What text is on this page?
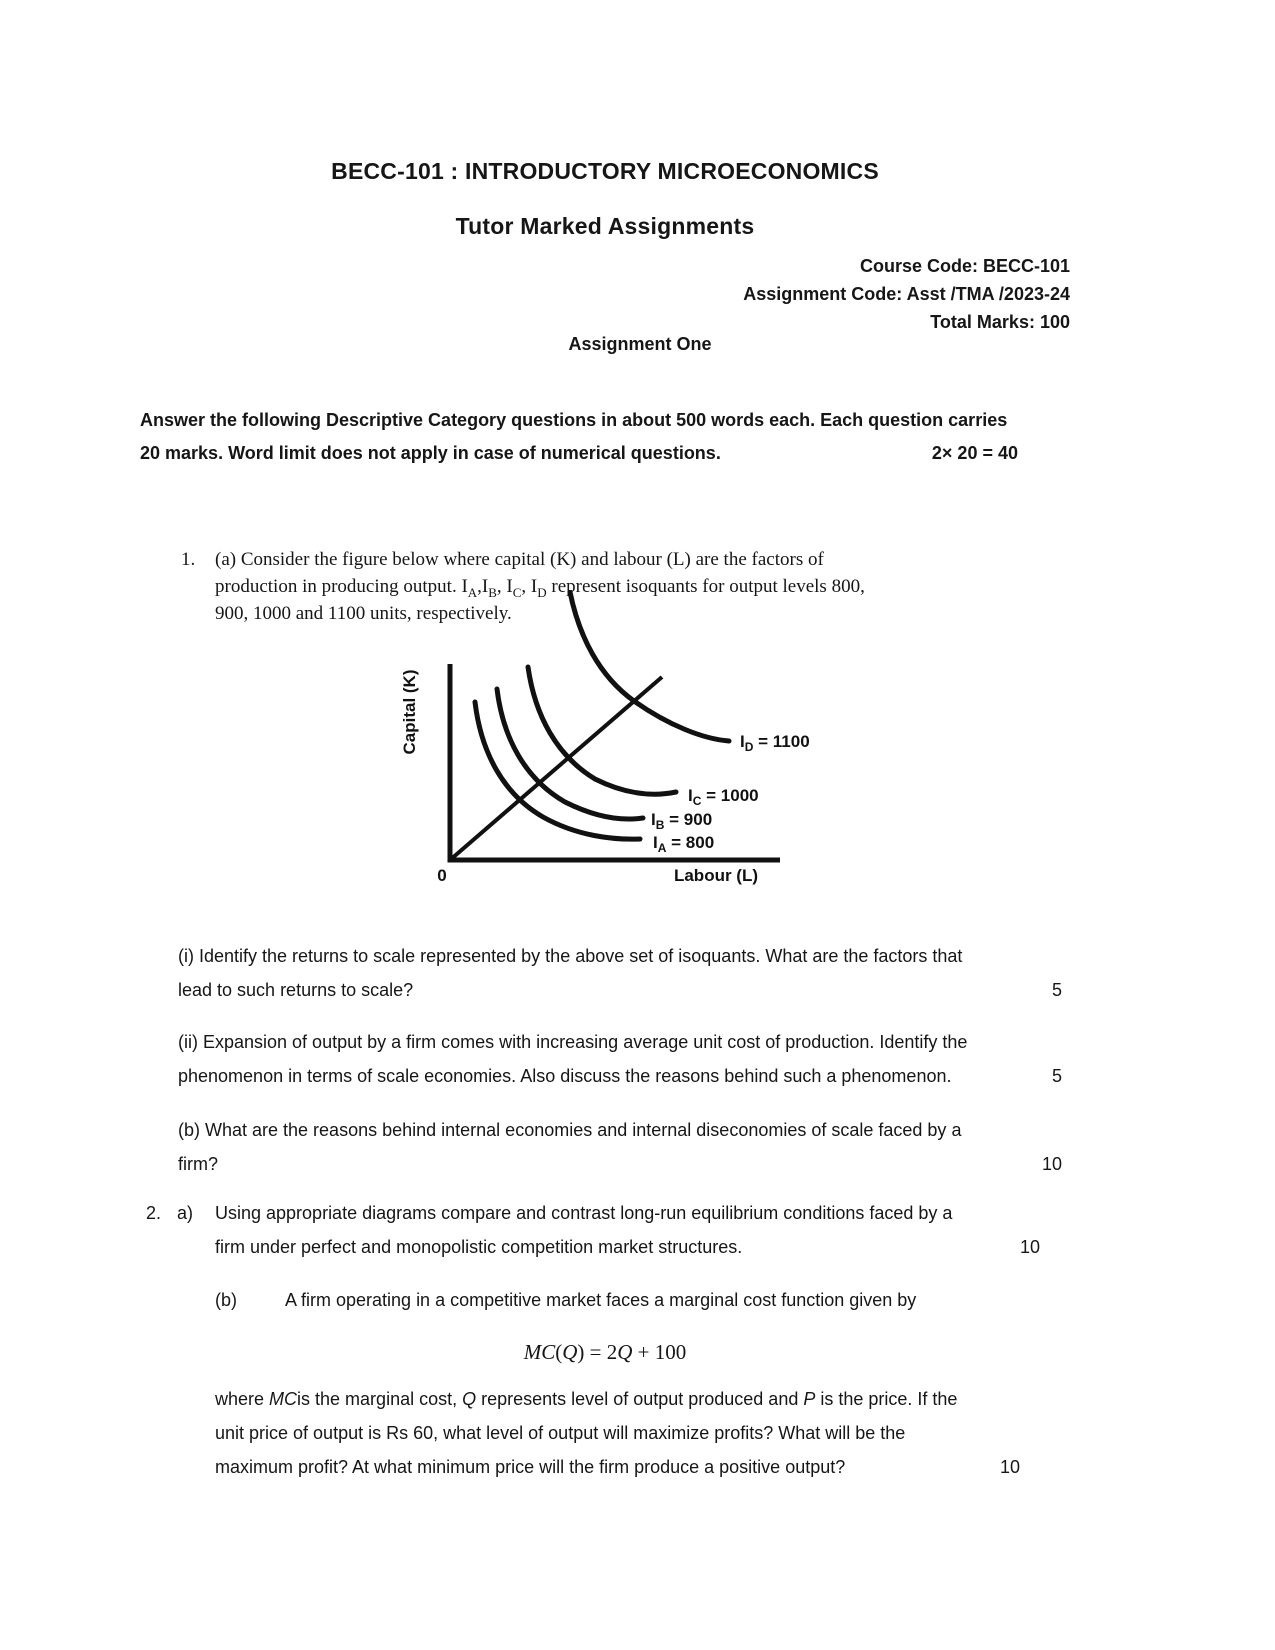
BECC-101 : INTRODUCTORY MICROECONOMICS
Tutor Marked Assignments
Course Code: BECC-101
Assignment Code: Asst /TMA /2023-24
Total Marks: 100
Assignment One
Answer the following Descriptive Category questions in about 500 words each. Each question carries
20 marks. Word limit does not apply in case of numerical questions.	2× 20 = 40
1. (a) Consider the figure below where capital (K) and labour (L) are the factors of
production in producing output. $I_A,I_B$, $I_C$, $I_D$ represent isoquants for output levels 800,
900, 1000 and 1100 units, respectively.
$I_D = 1100$
$I_C = 1000$
$I_B = 900$
$I_A = 800$
Capital (K)
Labour (L)
0
(i) Identify the returns to scale represented by the above set of isoquants. What are the factors that
lead to such returns to scale?	5
(ii) Expansion of output by a firm comes with increasing average unit cost of production. Identify the
phenomenon in terms of scale economies. Also discuss the reasons behind such a phenomenon.	5
(b) What are the reasons behind internal economies and internal diseconomies of scale faced by a
firm?	10
2. a) Using appropriate diagrams compare and contrast long-run equilibrium conditions faced by a
firm under perfect and monopolistic competition market structures.	10
(b)	A firm operating in a competitive market faces a marginal cost function given by
MC(Q) = 2Q + 100
where MCis the marginal cost, Q represents level of output produced and P is the price. If the
unit price of output is Rs 60, what level of output will maximize profits? What will be the
maximum profit? At what minimum price will the firm produce a positive output?	10
